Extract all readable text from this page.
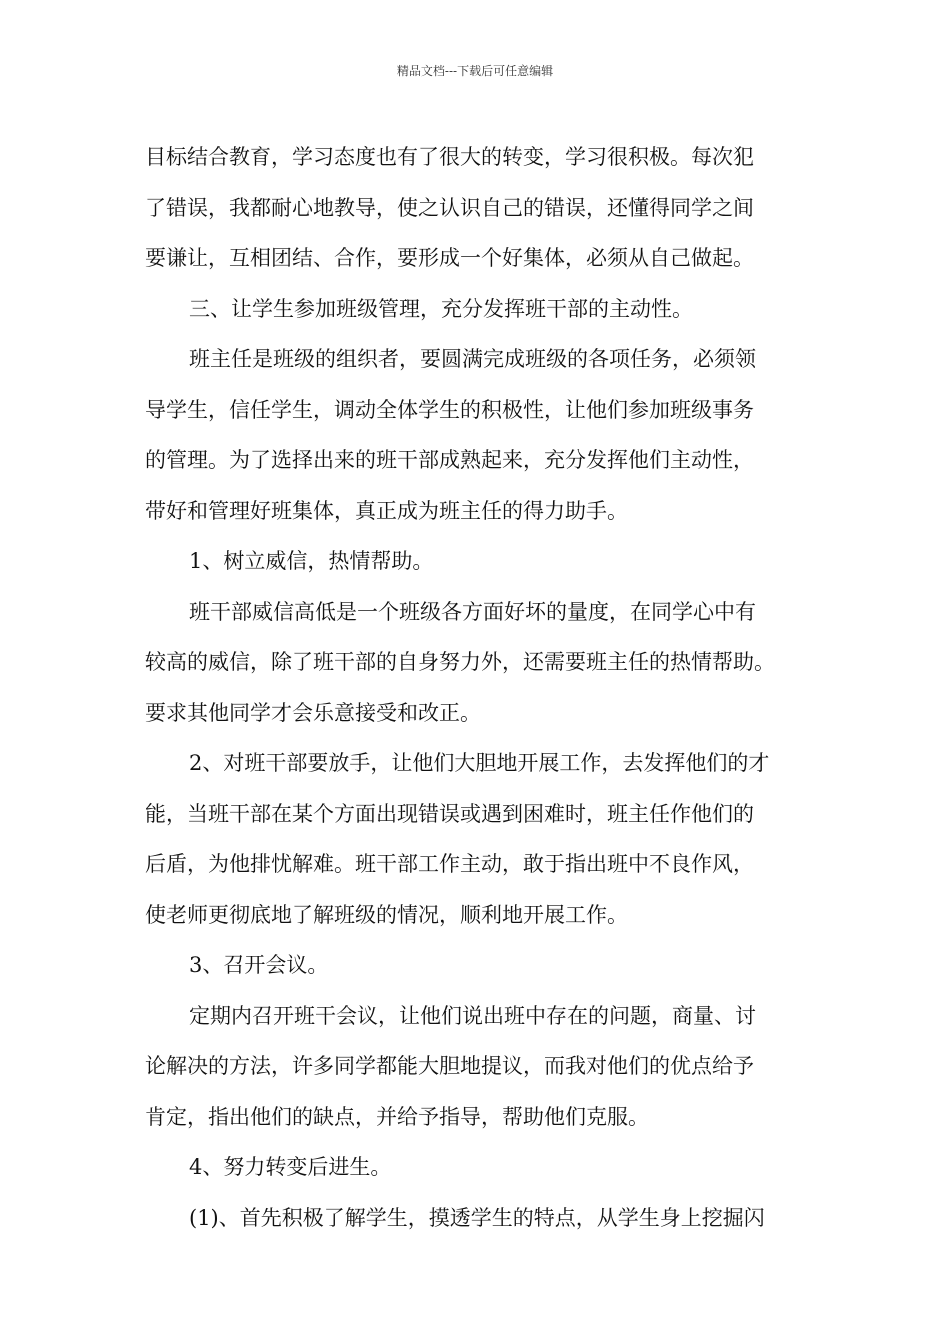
精品文档---下载后可任意编辑
目标结合教育，学习态度也有了很大的转变，学习很积极。每次犯
了错误，我都耐心地教导，使之认识自己的错误，还懂得同学之间
要谦让，互相团结、合作，要形成一个好集体，必须从自己做起。
三、让学生参加班级管理，充分发挥班干部的主动性。
班主任是班级的组织者，要圆满完成班级的各项任务，必须领
导学生，信任学生，调动全体学生的积极性，让他们参加班级事务
的管理。为了选择出来的班干部成熟起来，充分发挥他们主动性，
带好和管理好班集体，真正成为班主任的得力助手。
1、树立威信，热情帮助。
班干部威信高低是一个班级各方面好坏的量度，在同学心中有
较高的威信，除了班干部的自身努力外，还需要班主任的热情帮助。
要求其他同学才会乐意接受和改正。
2、对班干部要放手，让他们大胆地开展工作，去发挥他们的才
能，当班干部在某个方面出现错误或遇到困难时，班主任作他们的
后盾，为他排忧解难。班干部工作主动，敢于指出班中不良作风，
使老师更彻底地了解班级的情况，顺利地开展工作。
3、召开会议。
定期内召开班干会议，让他们说出班中存在的问题，商量、讨
论解决的方法，许多同学都能大胆地提议，而我对他们的优点给予
肯定，指出他们的缺点，并给予指导，帮助他们克服。
4、努力转变后进生。
(1)、首先积极了解学生，摸透学生的特点，从学生身上挖掘闪
